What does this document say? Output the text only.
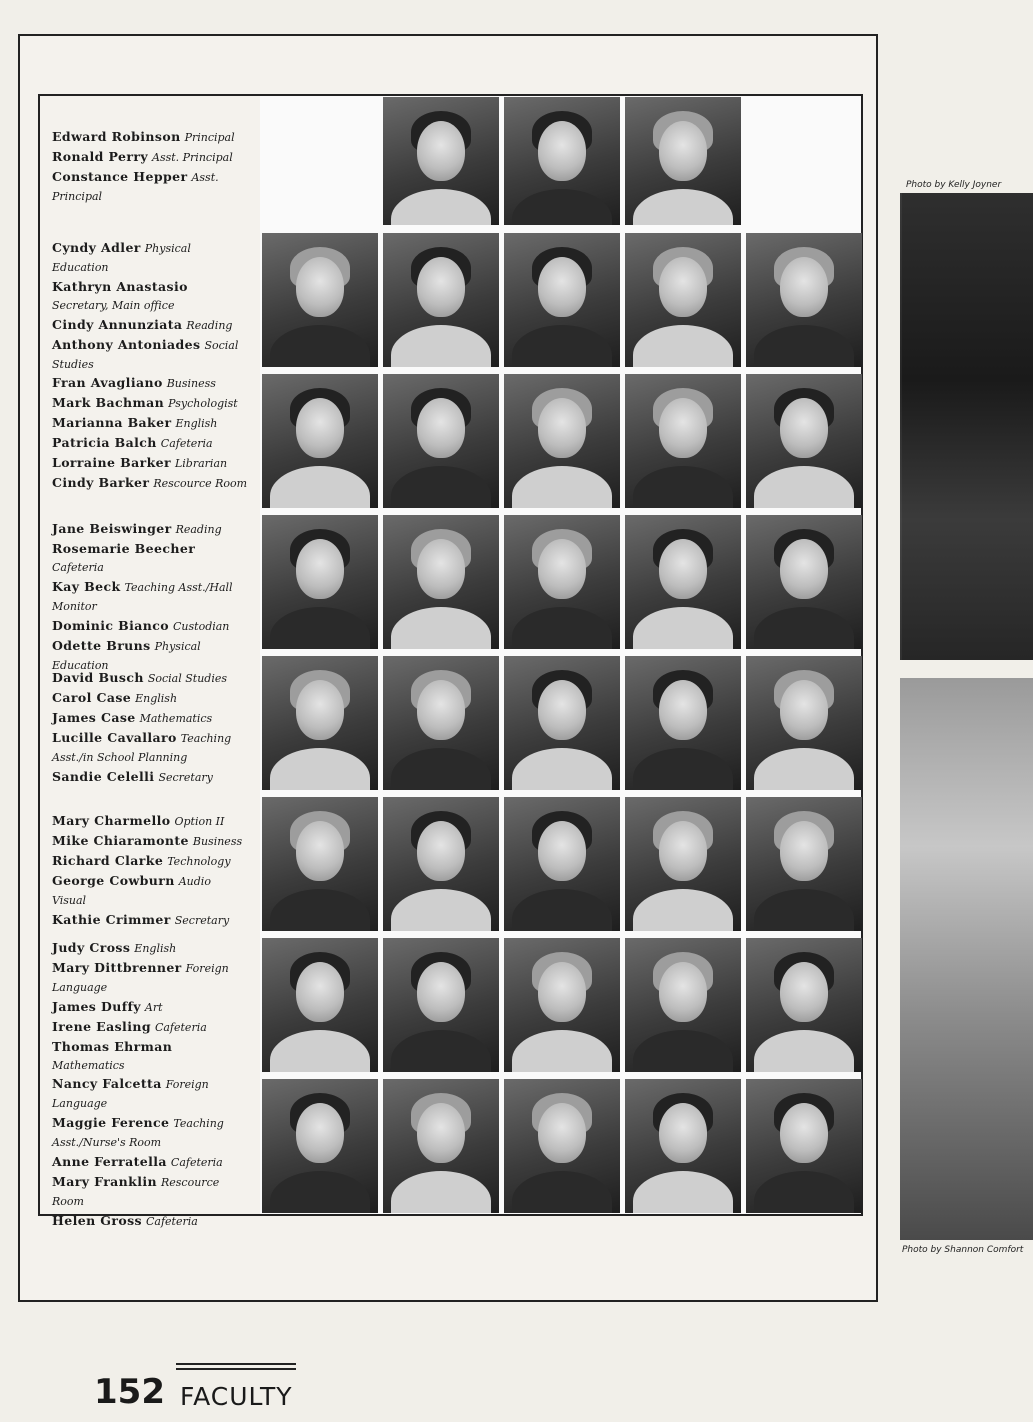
Edward Robinson Principal
Ronald Perry Asst. Principal
Constance Hepper Asst. Principal
Cyndy Adler Physical Education
Kathryn Anastasio Secretary, Main office
Cindy Annunziata Reading
Anthony Antoniades Social Studies
Fran Avagliano Business
Mark Bachman Psychologist
Marianna Baker English
Patricia Balch Cafeteria
Lorraine Barker Librarian
Cindy Barker Rescource Room
Jane Beiswinger Reading
Rosemarie Beecher Cafeteria
Kay Beck Teaching Asst./Hall Monitor
Dominic Bianco Custodian
Odette Bruns Physical Education
David Busch Social Studies
Carol Case English
James Case Mathematics
Lucille Cavallaro Teaching Asst./in School Planning
Sandie Celelli Secretary
Mary Charmello Option II
Mike Chiaramonte Business
Richard Clarke Technology
George Cowburn Audio Visual
Kathie Crimmer Secretary
Judy Cross English
Mary Dittbrenner Foreign Language
James Duffy Art
Irene Easling Cafeteria
Thomas Ehrman Mathematics
Nancy Falcetta Foreign Language
Maggie Ference Teaching Asst./Nurse's Room
Anne Ferratella Cafeteria
Mary Franklin Rescource Room
Helen Gross Cafeteria
Photo by Kelly Joyner
Photo by Shannon Comfort
152 FACULTY
